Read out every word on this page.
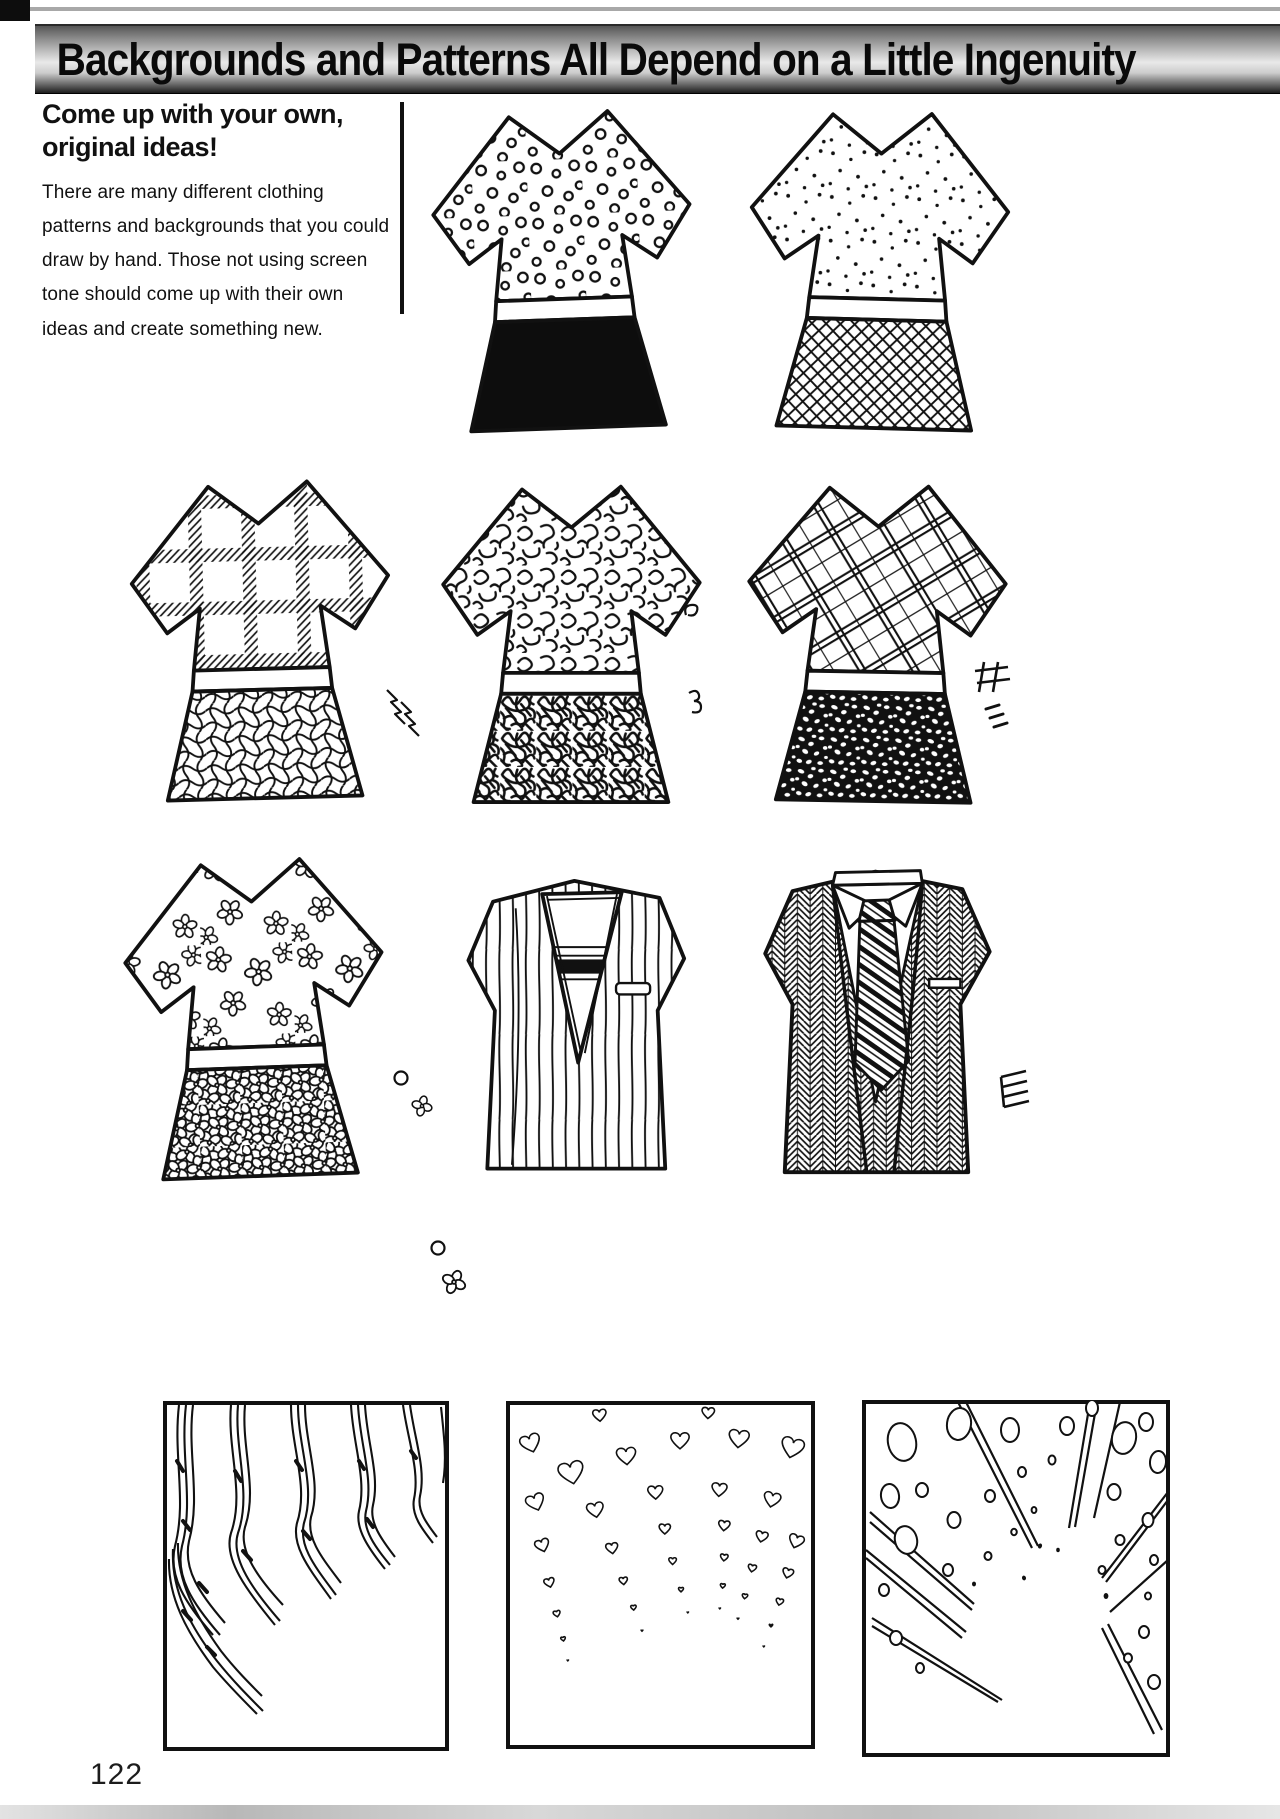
Backgrounds and Patterns All Depend on a Little Ingenuity
Come up with your own,
original ideas!
There are many different clothing patterns and backgrounds that you could draw by hand. Those not using screen tone should come up with their own ideas and create something new.
122
